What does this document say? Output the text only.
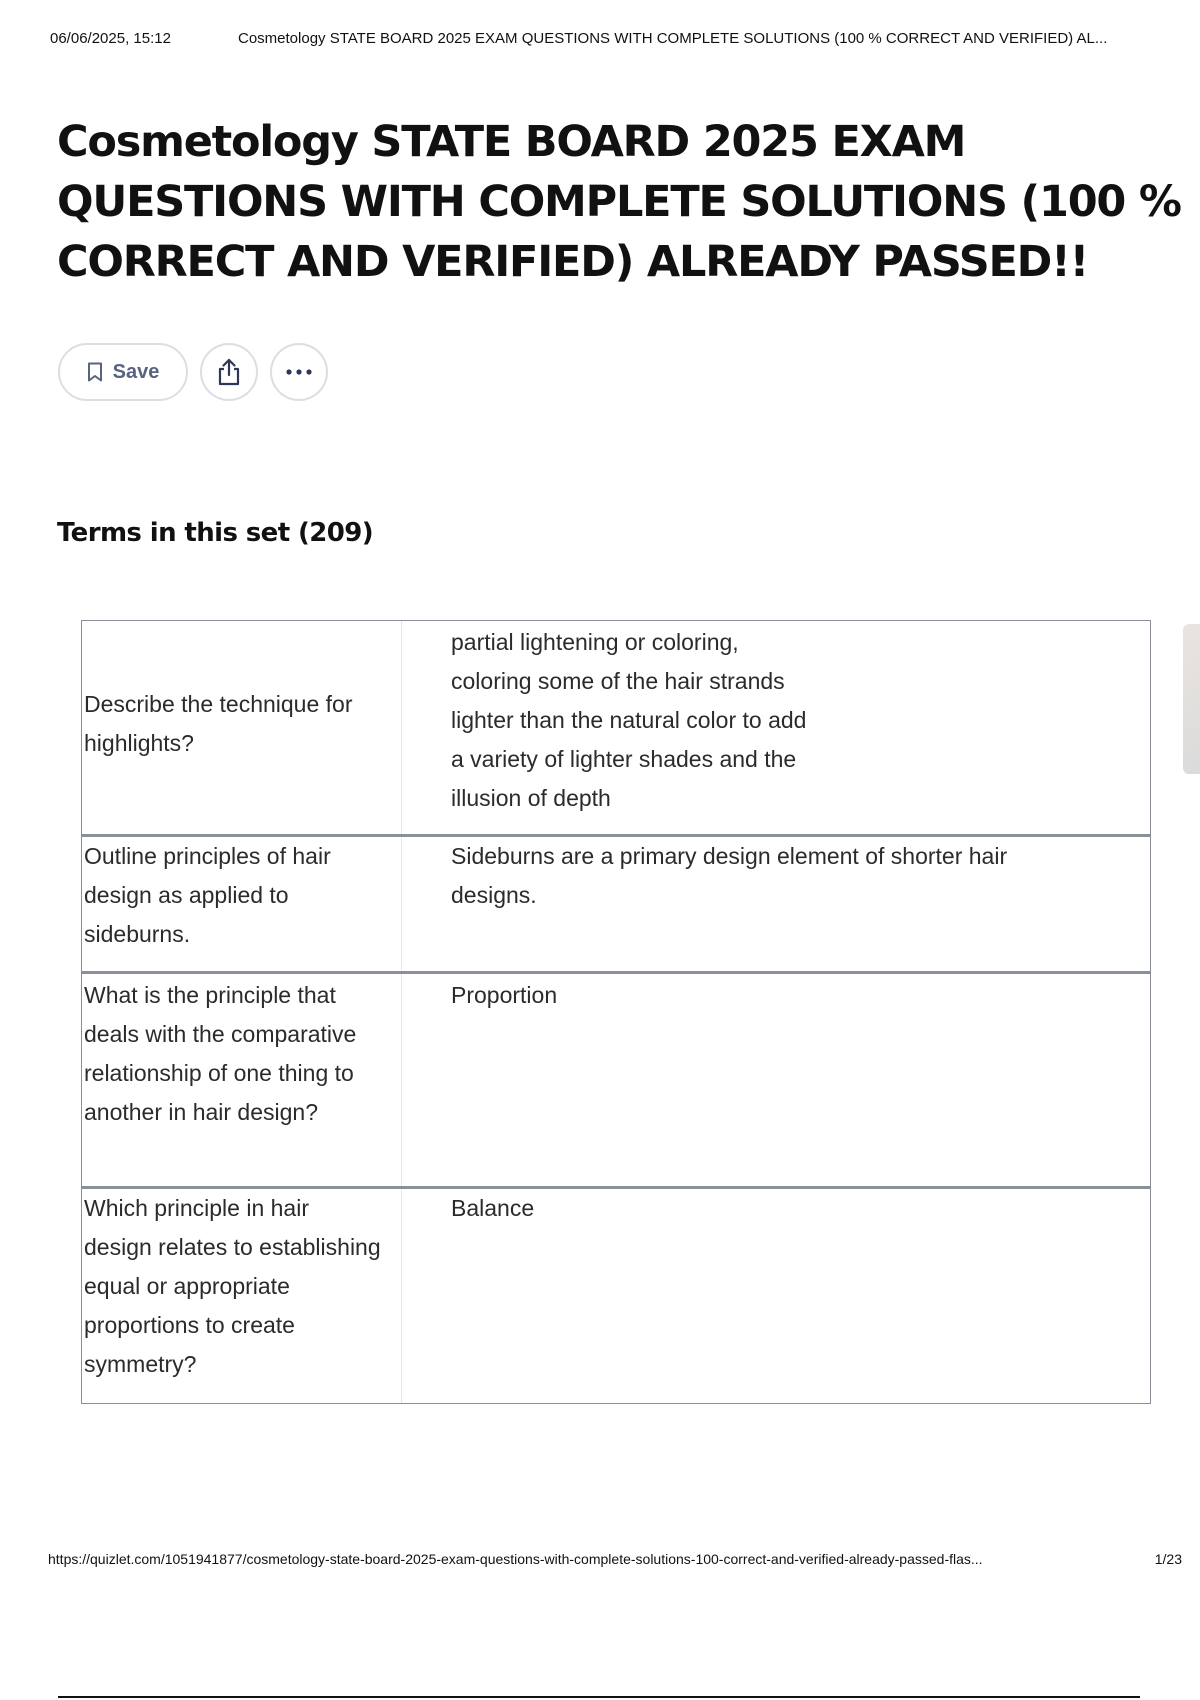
06/06/2025, 15:12	Cosmetology STATE BOARD 2025 EXAM QUESTIONS WITH COMPLETE SOLUTIONS (100 % CORRECT AND VERIFIED) AL...
Cosmetology STATE BOARD 2025 EXAM QUESTIONS WITH COMPLETE SOLUTIONS (100 % CORRECT AND VERIFIED) ALREADY PASSED!!
Save
Terms in this set (209)
Describe the technique for highlights?
partial lightening or coloring, coloring some of the hair strands lighter than the natural color to add a variety of lighter shades and the illusion of depth
Outline principles of hair design as applied to sideburns.
Sideburns are a primary design element of shorter hair designs.
What is the principle that deals with the comparative relationship of one thing to another in hair design?
Proportion
Which principle in hair design relates to establishing equal or appropriate proportions to create symmetry?
Balance
https://quizlet.com/1051941877/cosmetology-state-board-2025-exam-questions-with-complete-solutions-100-correct-and-verified-already-passed-flas...	1/23
